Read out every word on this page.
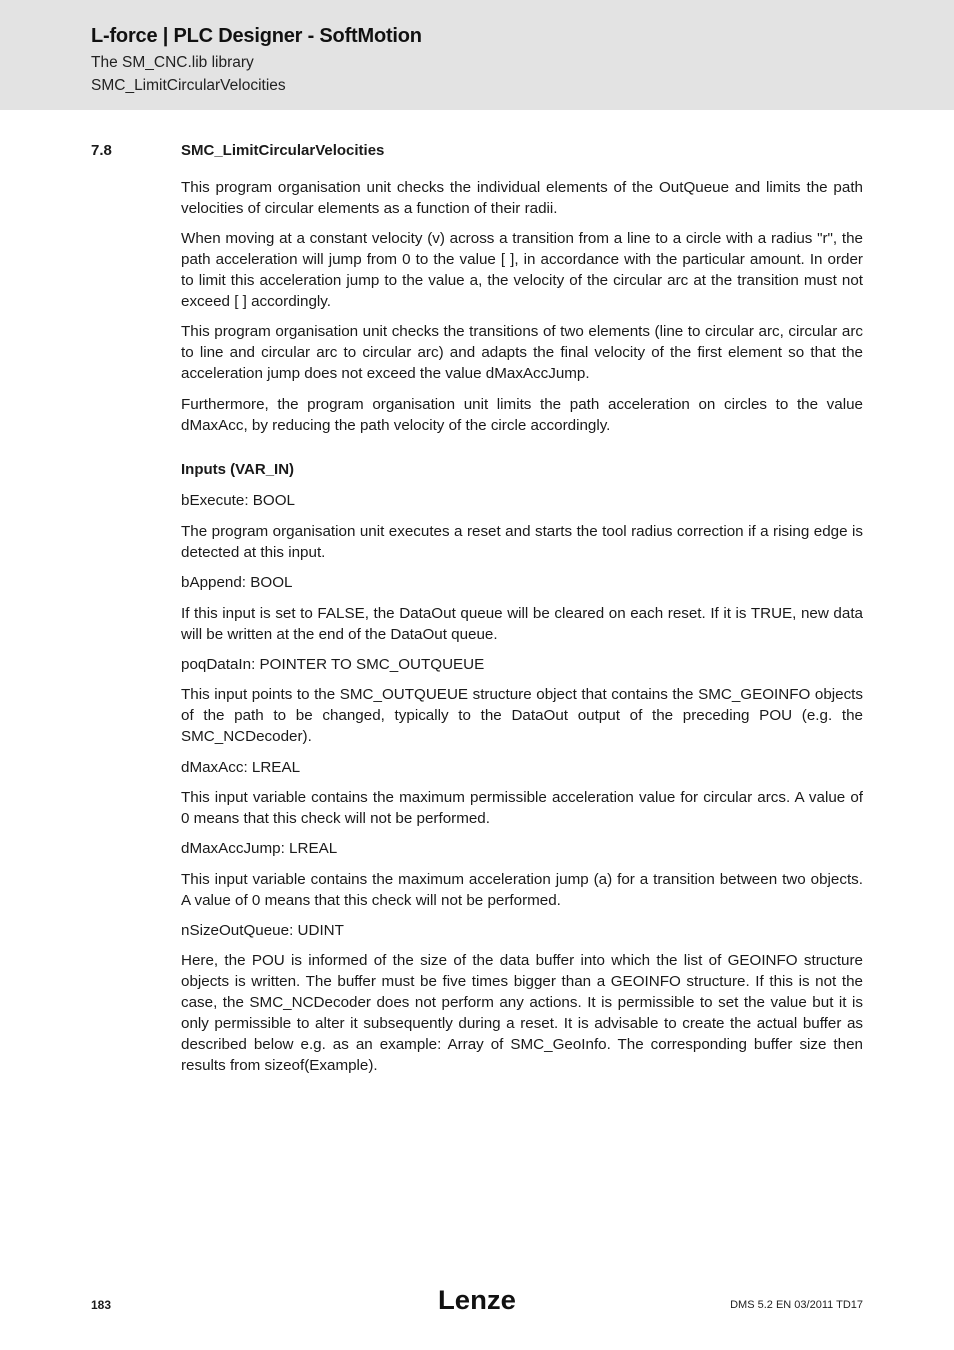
L-force | PLC Designer - SoftMotion
The SM_CNC.lib library
SMC_LimitCircularVelocities
7.8	SMC_LimitCircularVelocities

This program organisation unit checks the individual elements of the OutQueue and limits the path velocities of circular elements as a function of their radii.

When moving at a constant velocity (v) across a transition from a line to a circle with a radius "r", the path acceleration will jump from 0 to the value [ ], in accordance with the particular amount. In order to limit this acceleration jump to the value a, the velocity of the circular arc at the transition must not exceed [ ] accordingly.

This program organisation unit checks the transitions of two elements (line to circular arc, circular arc to line and circular arc to circular arc) and adapts the final velocity of the first element so that the acceleration jump does not exceed the value dMaxAccJump.

Furthermore, the program organisation unit limits the path acceleration on circles to the value dMaxAcc, by reducing the path velocity of the circle accordingly.

Inputs (VAR_IN)

bExecute: BOOL

The program organisation unit executes a reset and starts the tool radius correction if a rising edge is detected at this input.

bAppend: BOOL

If this input is set to FALSE, the DataOut queue will be cleared on each reset. If it is TRUE, new data will be written at the end of the DataOut queue.

poqDataIn: POINTER TO SMC_OUTQUEUE

This input points to the SMC_OUTQUEUE structure object that contains the SMC_GEOINFO objects of the path to be changed, typically to the DataOut output of the preceding POU (e.g. the SMC_NCDecoder).

dMaxAcc: LREAL

This input variable contains the maximum permissible acceleration value for circular arcs. A value of 0 means that this check will not be performed.

dMaxAccJump: LREAL

This input variable contains the maximum acceleration jump (a) for a transition between two objects. A value of 0 means that this check will not be performed.

nSizeOutQueue: UDINT

Here, the POU is informed of the size of the data buffer into which the list of GEOINFO structure objects is written. The buffer must be five times bigger than a GEOINFO structure. If this is not the case, the SMC_NCDecoder does not perform any actions. It is permissible to set the value but it is only permissible to alter it subsequently during a reset. It is advisable to create the actual buffer as described below e.g. as an example: Array of SMC_GeoInfo. The corresponding buffer size then results from sizeof(Example).

183	Lenze	DMS 5.2 EN 03/2011 TD17
